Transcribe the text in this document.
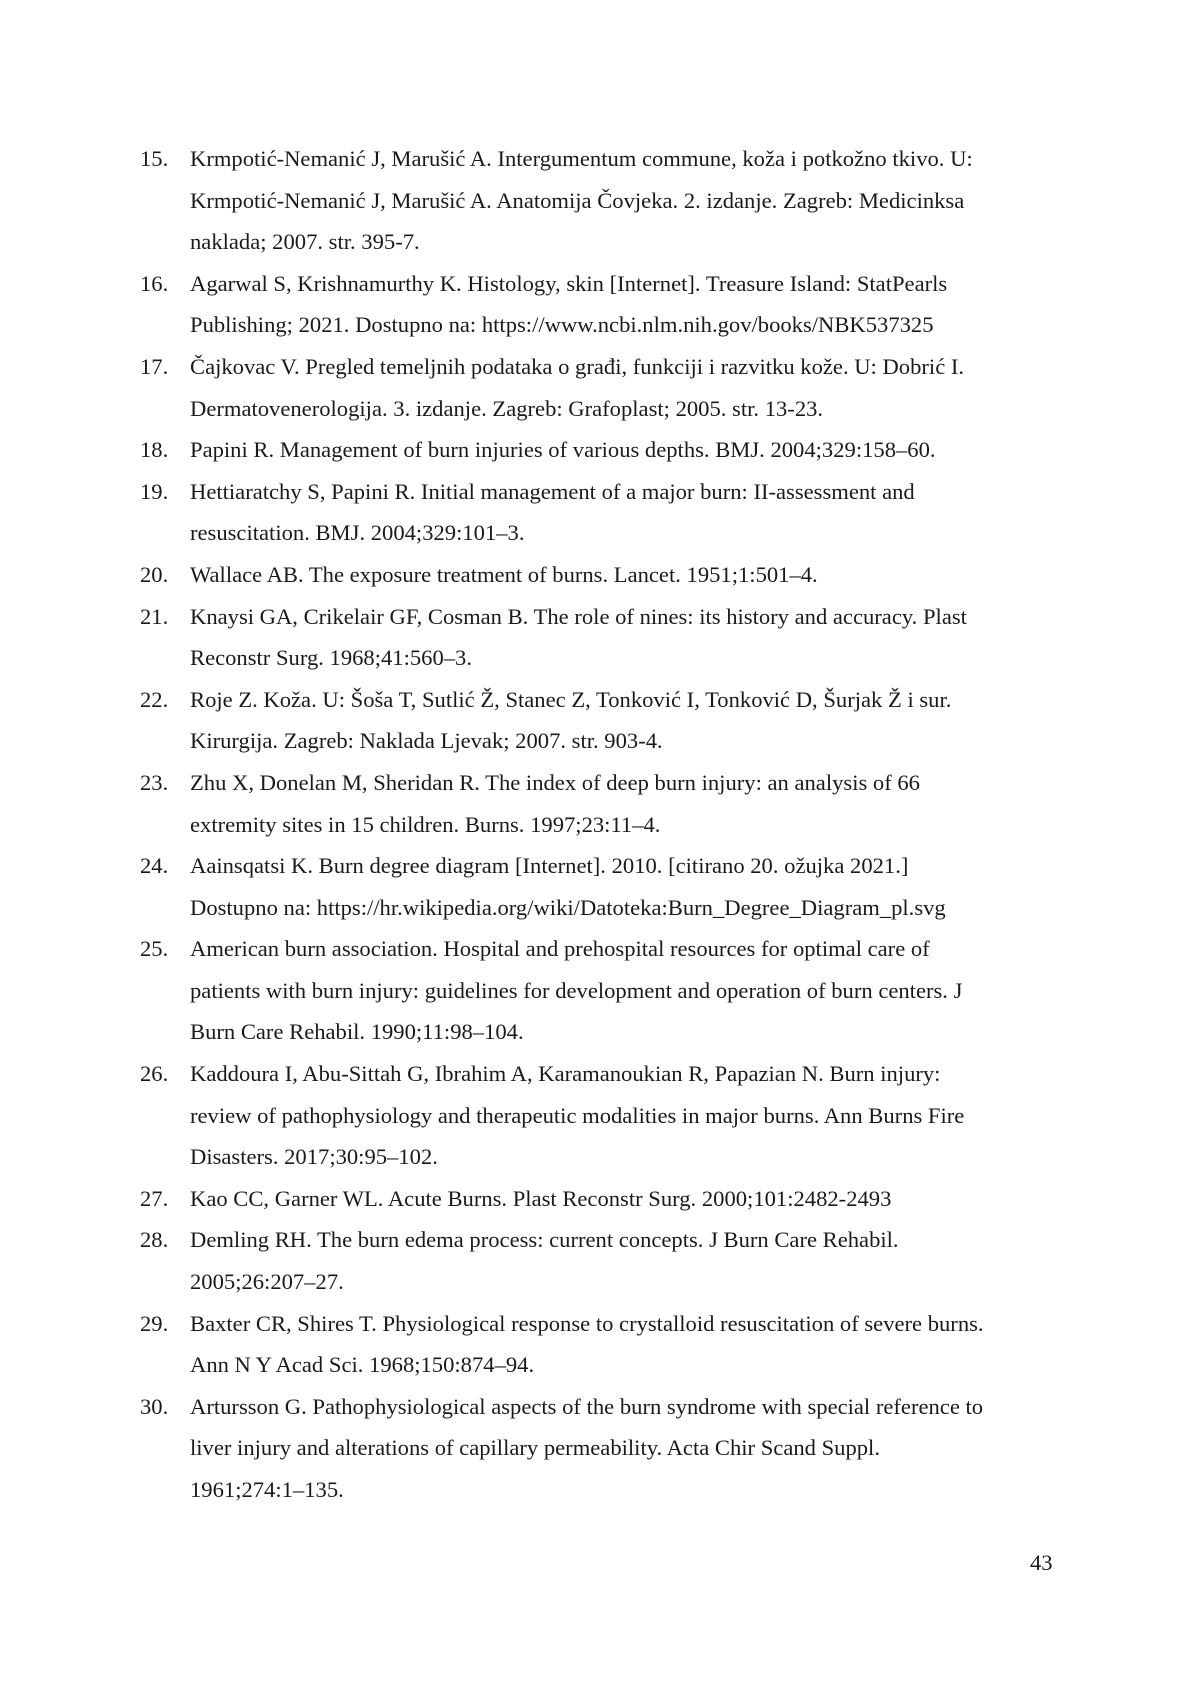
15. Krmpotić-Nemanić J, Marušić A. Intergumentum commune, koža i potkožno tkivo. U:
Krmpotić-Nemanić J, Marušić A. Anatomija Čovjeka. 2. izdanje. Zagreb: Medicinksa
naklada; 2007. str. 395-7.
16. Agarwal S, Krishnamurthy K. Histology, skin [Internet]. Treasure Island: StatPearls
Publishing; 2021. Dostupno na: https://www.ncbi.nlm.nih.gov/books/NBK537325
17. Čajkovac V. Pregled temeljnih podataka o građi, funkciji i razvitku kože. U: Dobrić I.
Dermatovenerologija. 3. izdanje. Zagreb: Grafoplast; 2005. str. 13-23.
18. Papini R. Management of burn injuries of various depths. BMJ. 2004;329:158–60.
19. Hettiaratchy S, Papini R. Initial management of a major burn: II-assessment and
resuscitation. BMJ. 2004;329:101–3.
20. Wallace AB. The exposure treatment of burns. Lancet. 1951;1:501–4.
21. Knaysi GA, Crikelair GF, Cosman B. The role of nines: its history and accuracy. Plast
Reconstr Surg. 1968;41:560–3.
22. Roje Z. Koža. U: Šoša T, Sutlić Ž, Stanec Z, Tonković I, Tonković D, Šurjak Ž i sur.
Kirurgija. Zagreb: Naklada Ljevak; 2007. str. 903-4.
23. Zhu X, Donelan M, Sheridan R. The index of deep burn injury: an analysis of 66
extremity sites in 15 children. Burns. 1997;23:11–4.
24. Aainsqatsi K. Burn degree diagram [Internet]. 2010. [citirano 20. ožujka 2021.]
Dostupno na: https://hr.wikipedia.org/wiki/Datoteka:Burn_Degree_Diagram_pl.svg
25. American burn association. Hospital and prehospital resources for optimal care of
patients with burn injury: guidelines for development and operation of burn centers. J
Burn Care Rehabil. 1990;11:98–104.
26. Kaddoura I, Abu-Sittah G, Ibrahim A, Karamanoukian R, Papazian N. Burn injury:
review of pathophysiology and therapeutic modalities in major burns. Ann Burns Fire
Disasters. 2017;30:95–102.
27. Kao CC, Garner WL. Acute Burns. Plast Reconstr Surg. 2000;101:2482-2493
28. Demling RH. The burn edema process: current concepts. J Burn Care Rehabil.
2005;26:207–27.
29. Baxter CR, Shires T. Physiological response to crystalloid resuscitation of severe burns.
Ann N Y Acad Sci. 1968;150:874–94.
30. Artursson G. Pathophysiological aspects of the burn syndrome with special reference to
liver injury and alterations of capillary permeability. Acta Chir Scand Suppl.
1961;274:1–135.
43
